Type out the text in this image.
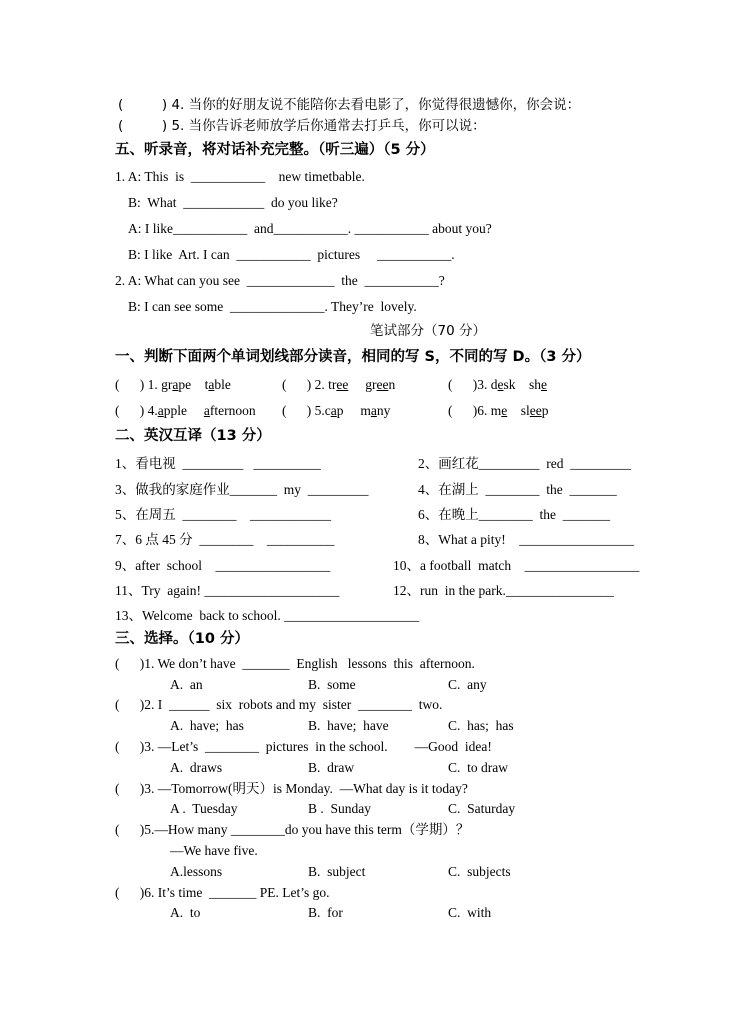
(         ) 4. 当你的好朋友说不能陪你去看电影了，你觉得很遗憾你，你会说：
(         ) 5. 当你告诉老师放学后你通常去打乒乓，你可以说：
五、听录音，将对话补充完整。（听三遍）（5 分）
1. A: This  is  ___________    new timetbable.
B:  What  ____________  do you like?
A: I like___________  and___________. ___________ about you?
B: I like  Art. I can  ___________  pictures     ___________.
2. A: What can you see  _____________  the  ___________?
B: I can see some  ______________. They’re  lovely.
笔试部分（70 分）
一、判断下面两个单词划线部分读音，相同的写 S，不同的写 D。（3 分）
(      ) 1. grape    table	(      ) 2. tree     green	(      )3. desk    she
(      ) 4.apple     afternoon (      ) 5.cap     many	(      )6. me    sleep
二、英汉互译（13 分）
1、看电视  _________   __________	2、画红花_________  red  _________
3、做我的家庭作业_______  my  _________	4、在湖上  ________  the  _______
5、在周五  ________    ____________	6、在晚上________  the  _______
7、6 点 45 分  ________    __________	8、What a pity!    _________________
9、after  school    _________________	10、a football  match    _________________
11、Try  again! ____________________	12、run  in the park.________________
13、Welcome  back to school. ____________________
三、选择。（10 分）
(      )1. We don’t have  _______  English   lessons  this  afternoon.
A.  an	B.  some	C.  any
(      )2. I  ______  six  robots and my  sister  ________  two.
A.  have;  has	B.  have;  have	C.  has;  has
(      )3. —Let’s  ________  pictures  in the school.        —Good  idea!
A.  draws	B.  draw	C.  to draw
(      )3. —Tomorrow(明天）is Monday.  —What day is it today?
A .  Tuesday	B .  Sunday	C.  Saturday
(      )5.—How many ________do you have this term（学期）？
—We have five.
A.lessons	B.  subject	C.  subjects
(      )6. It’s time  _______ PE. Let’s go.
A.  to	B.  for	C.  with
